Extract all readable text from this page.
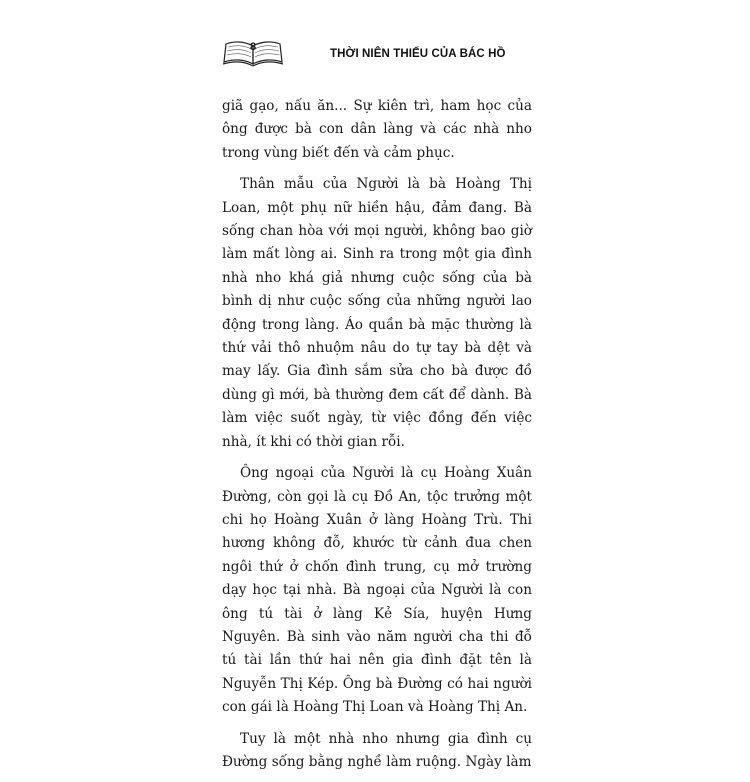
8
THỜI NIÊN THIẾU CỦA BÁC HỒ

giã gạo, nấu ăn... Sự kiên trì, ham học của ông được bà con dân làng và các nhà nho trong vùng biết đến và cảm phục.

Thân mẫu của Người là bà Hoàng Thị Loan, một phụ nữ hiền hậu, đảm đang. Bà sống chan hòa với mọi người, không bao giờ làm mất lòng ai. Sinh ra trong một gia đình nhà nho khá giả nhưng cuộc sống của bà bình dị như cuộc sống của những người lao động trong làng. Áo quần bà mặc thường là thứ vải thô nhuộm nâu do tự tay bà dệt và may lấy. Gia đình sắm sửa cho bà được đồ dùng gì mới, bà thường đem cất để dành. Bà làm việc suốt ngày, từ việc đồng đến việc nhà, ít khi có thời gian rỗi.

Ông ngoại của Người là cụ Hoàng Xuân Đường, còn gọi là cụ Đồ An, tộc trưởng một chi họ Hoàng Xuân ở làng Hoàng Trù. Thi hương không đỗ, khước từ cảnh đua chen ngôi thứ ở chốn đình trung, cụ mở trường dạy học tại nhà. Bà ngoại của Người là con ông tú tài ở làng Kẻ Sía, huyện Hưng Nguyên. Bà sinh vào năm người cha thi đỗ tú tài lần thứ hai nên gia đình đặt tên là Nguyễn Thị Kép. Ông bà Đường có hai người con gái là Hoàng Thị Loan và Hoàng Thị An.

Tuy là một nhà nho nhưng gia đình cụ Đường sống bằng nghề làm ruộng. Ngày làm
